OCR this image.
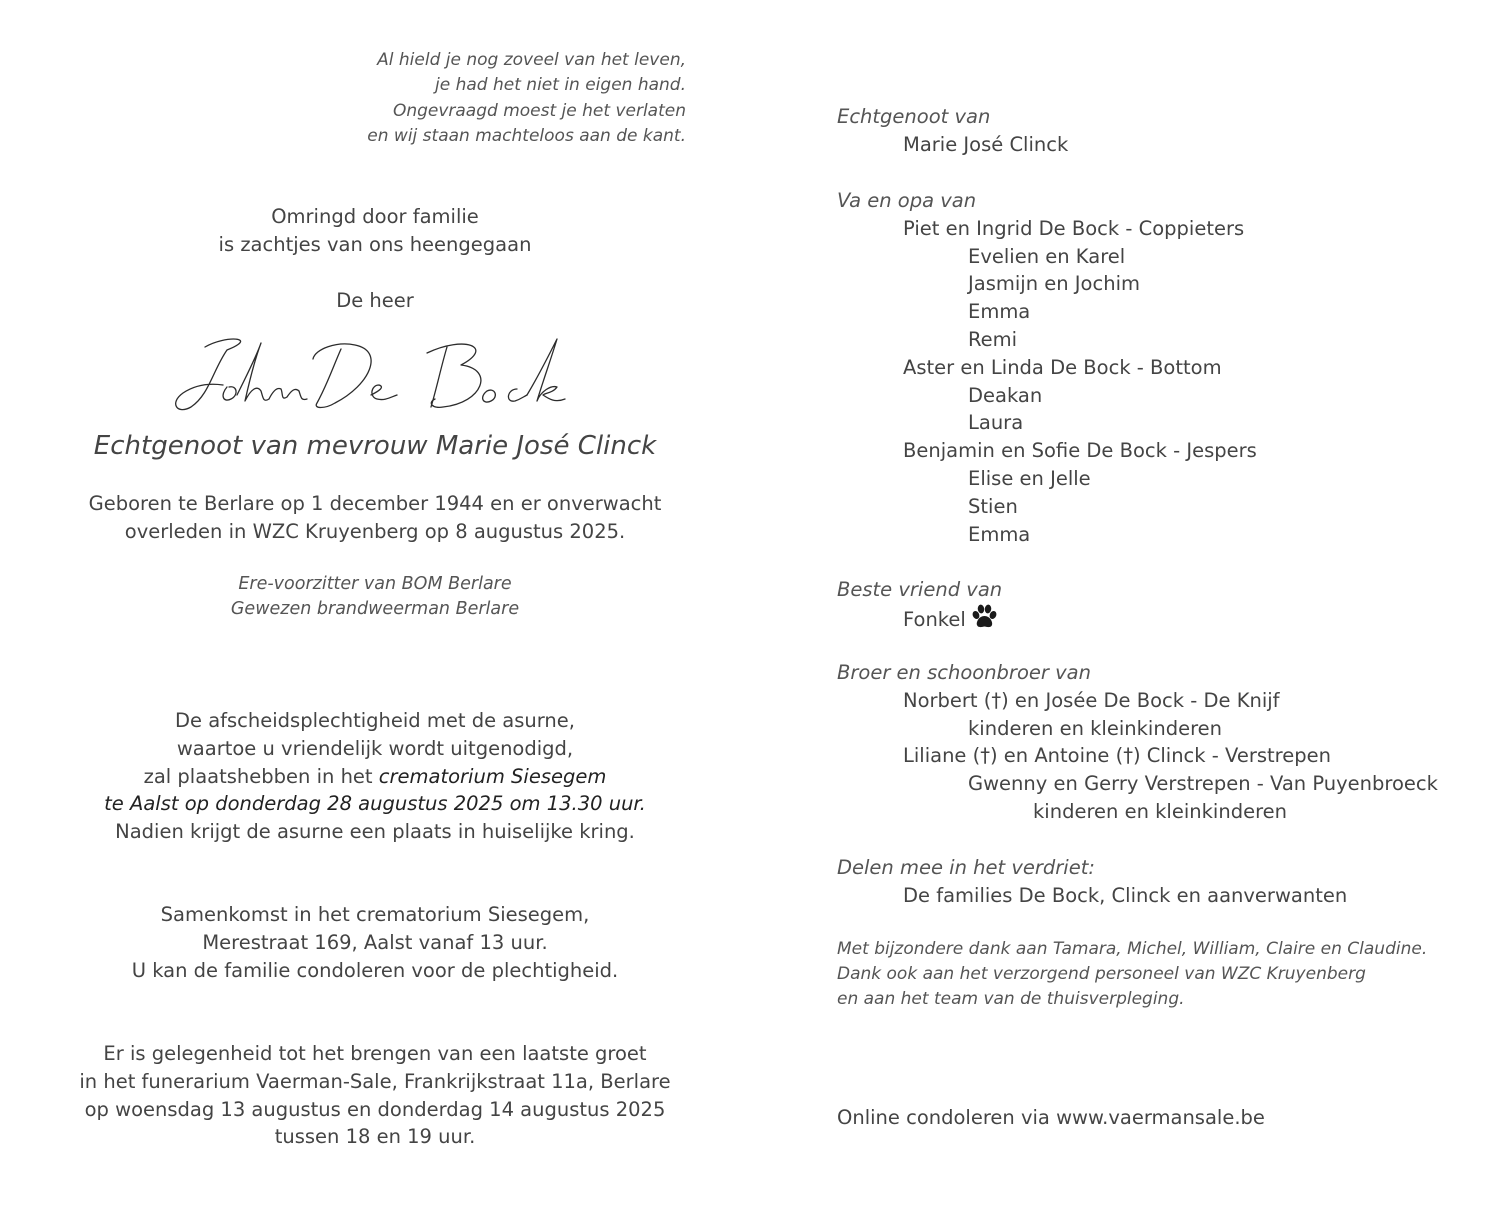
Al hield je nog zoveel van het leven,
je had het niet in eigen hand.
Ongevraagd moest je het verlaten
en wij staan machteloos aan de kant.
Omringd door familie
is zachtjes van ons heengegaan
De heer
Echtgenoot van mevrouw Marie José Clinck
Geboren te Berlare op 1 december 1944 en er onverwacht
overleden in WZC Kruyenberg op 8 augustus 2025.
Ere-voorzitter van BOM Berlare
Gewezen brandweerman Berlare
De afscheidsplechtigheid met de asurne,
waartoe u vriendelijk wordt uitgenodigd,
zal plaatshebben in het crematorium Siesegem
te Aalst op donderdag 28 augustus 2025 om 13.30 uur.
Nadien krijgt de asurne een plaats in huiselijke kring.
Samenkomst in het crematorium Siesegem,
Merestraat 169, Aalst vanaf 13 uur.
U kan de familie condoleren voor de plechtigheid.
Er is gelegenheid tot het brengen van een laatste groet
in het funerarium Vaerman-Sale, Frankrijkstraat 11a, Berlare
op woensdag 13 augustus en donderdag 14 augustus 2025
tussen 18 en 19 uur.
Echtgenoot van
Marie José Clinck
Va en opa van
Piet en Ingrid De Bock - Coppieters
Evelien en Karel
Jasmijn en Jochim
Emma
Remi
Aster en Linda De Bock - Bottom
Deakan
Laura
Benjamin en Sofie De Bock - Jespers
Elise en Jelle
Stien
Emma
Beste vriend van
Fonkel
Broer en schoonbroer van
Norbert (†) en Josée De Bock - De Knijf
kinderen en kleinkinderen
Liliane (†) en Antoine (†) Clinck - Verstrepen
Gwenny en Gerry Verstrepen - Van Puyenbroeck
kinderen en kleinkinderen
Delen mee in het verdriet:
De families De Bock, Clinck en aanverwanten
Met bijzondere dank aan Tamara, Michel, William, Claire en Claudine.
Dank ook aan het verzorgend personeel van WZC Kruyenberg
en aan het team van de thuisverpleging.
Online condoleren via www.vaermansale.be
